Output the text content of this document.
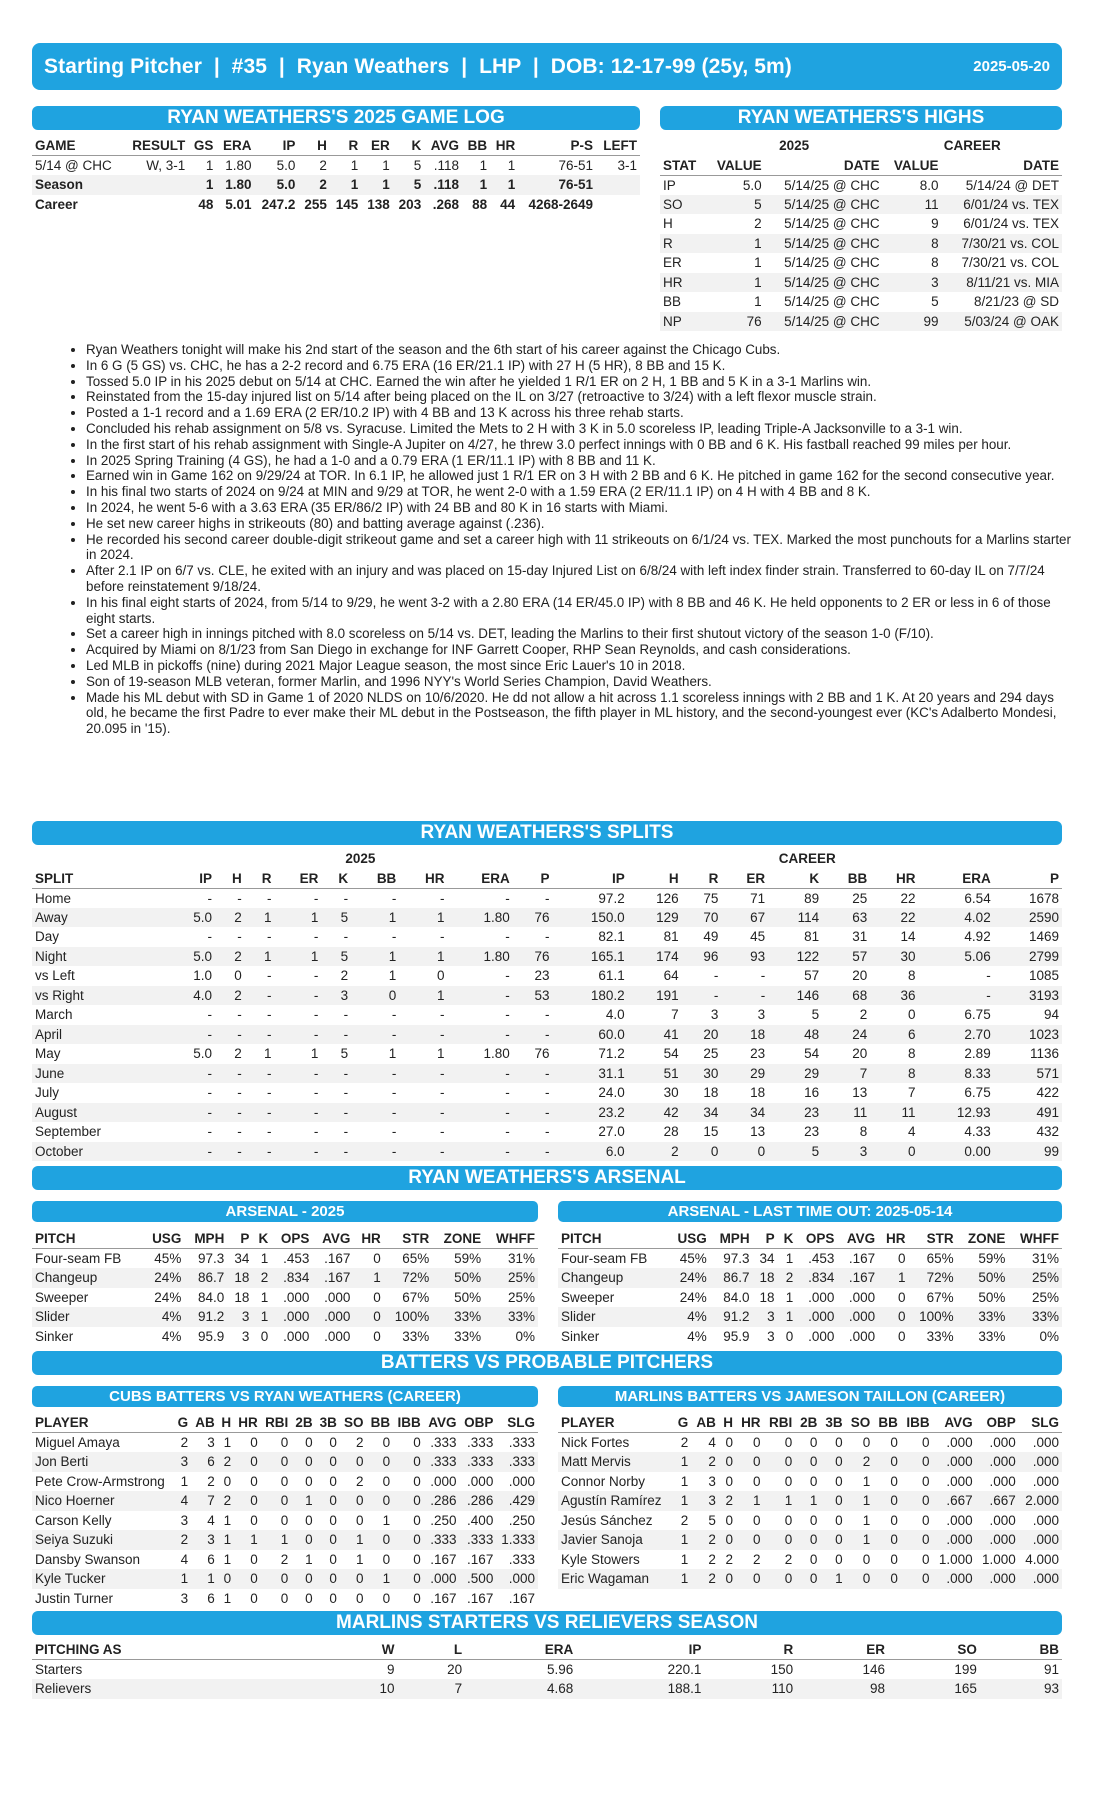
Starting Pitcher  |  #35  |  Ryan Weathers  |  LHP  |  DOB: 12-17-99 (25y, 5m)	2025-05-20
RYAN WEATHERS'S 2025 GAME LOG
GAME	RESULT	GS	ERA	IP	H	R	ER	K	AVG	BB	HR	P-S	LEFT
5/14 @ CHC	W, 3-1	1	1.80	5.0	2	1	1	5	.118	1	1	76-51	3-1
Season		1	1.80	5.0	2	1	1	5	.118	1	1	76-51	
Career		48	5.01	247.2	255	145	138	203	.268	88	44	4268-2649	
RYAN WEATHERS'S HIGHS
	2025		CAREER	
STAT	VALUE	DATE	VALUE	DATE
IP	5.0	5/14/25 @ CHC	8.0	5/14/24 @ DET
SO	5	5/14/25 @ CHC	11	6/01/24 vs. TEX
H	2	5/14/25 @ CHC	9	6/01/24 vs. TEX
R	1	5/14/25 @ CHC	8	7/30/21 vs. COL
ER	1	5/14/25 @ CHC	8	7/30/21 vs. COL
HR	1	5/14/25 @ CHC	3	8/11/21 vs. MIA
BB	1	5/14/25 @ CHC	5	8/21/23 @ SD
NP	76	5/14/25 @ CHC	99	5/03/24 @ OAK
• Ryan Weathers tonight will make his 2nd start of the season and the 6th start of his career against the Chicago Cubs.
• In 6 G (5 GS) vs. CHC, he has a 2-2 record and 6.75 ERA (16 ER/21.1 IP) with 27 H (5 HR), 8 BB and 15 K.
• Tossed 5.0 IP in his 2025 debut on 5/14 at CHC. Earned the win after he yielded 1 R/1 ER on 2 H, 1 BB and 5 K in a 3-1 Marlins win.
• Reinstated from the 15-day injured list on 5/14 after being placed on the IL on 3/27 (retroactive to 3/24) with a left flexor muscle strain.
• Posted a 1-1 record and a 1.69 ERA (2 ER/10.2 IP) with 4 BB and 13 K across his three rehab starts.
• Concluded his rehab assignment on 5/8 vs. Syracuse. Limited the Mets to 2 H with 3 K in 5.0 scoreless IP, leading Triple-A Jacksonville to a 3-1 win.
• In the first start of his rehab assignment with Single-A Jupiter on 4/27, he threw 3.0 perfect innings with 0 BB and 6 K. His fastball reached 99 miles per hour.
• In 2025 Spring Training (4 GS), he had a 1-0 and a 0.79 ERA (1 ER/11.1 IP) with 8 BB and 11 K.
• Earned win in Game 162 on 9/29/24 at TOR. In 6.1 IP, he allowed just 1 R/1 ER on 3 H with 2 BB and 6 K. He pitched in game 162 for the second consecutive year.
• In his final two starts of 2024 on 9/24 at MIN and 9/29 at TOR, he went 2-0 with a 1.59 ERA (2 ER/11.1 IP) on 4 H with 4 BB and 8 K.
• In 2024, he went 5-6 with a 3.63 ERA (35 ER/86/2 IP) with 24 BB and 80 K in 16 starts with Miami.
• He set new career highs in strikeouts (80) and batting average against (.236).
• He recorded his second career double-digit strikeout game and set a career high with 11 strikeouts on 6/1/24 vs. TEX. Marked the most punchouts for a Marlins starter in 2024.
• After 2.1 IP on 6/7 vs. CLE, he exited with an injury and was placed on 15-day Injured List on 6/8/24 with left index finder strain. Transferred to 60-day IL on 7/7/24 before reinstatement 9/18/24.
• In his final eight starts of 2024, from 5/14 to 9/29, he went 3-2 with a 2.80 ERA (14 ER/45.0 IP) with 8 BB and 46 K. He held opponents to 2 ER or less in 6 of those eight starts.
• Set a career high in innings pitched with 8.0 scoreless on 5/14 vs. DET, leading the Marlins to their first shutout victory of the season 1-0 (F/10).
• Acquired by Miami on 8/1/23 from San Diego in exchange for INF Garrett Cooper, RHP Sean Reynolds, and cash considerations.
• Led MLB in pickoffs (nine) during 2021 Major League season, the most since Eric Lauer's 10 in 2018.
• Son of 19-season MLB veteran, former Marlin, and 1996 NYY's World Series Champion, David Weathers.
• Made his ML debut with SD in Game 1 of 2020 NLDS on 10/6/2020. He dd not allow a hit across 1.1 scoreless innings with 2 BB and 1 K. At 20 years and 294 days old, he became the first Padre to ever make their ML debut in the Postseason, the fifth player in ML history, and the second-youngest ever (KC's Adalberto Mondesi, 20.095 in '15).
RYAN WEATHERS'S SPLITS
	2025									CAREER								
SPLIT	IP	H	R	ER	K	BB	HR	ERA	P	IP	H	R	ER	K	BB	HR	ERA	P
Home	-	-	-	-	-	-	-	-	-	97.2	126	75	71	89	25	22	6.54	1678
Away	5.0	2	1	1	5	1	1	1.80	76	150.0	129	70	67	114	63	22	4.02	2590
Day	-	-	-	-	-	-	-	-	-	82.1	81	49	45	81	31	14	4.92	1469
Night	5.0	2	1	1	5	1	1	1.80	76	165.1	174	96	93	122	57	30	5.06	2799
vs Left	1.0	0	-	-	2	1	0	-	23	61.1	64	-	-	57	20	8	-	1085
vs Right	4.0	2	-	-	3	0	1	-	53	180.2	191	-	-	146	68	36	-	3193
March	-	-	-	-	-	-	-	-	-	4.0	7	3	3	5	2	0	6.75	94
April	-	-	-	-	-	-	-	-	-	60.0	41	20	18	48	24	6	2.70	1023
May	5.0	2	1	1	5	1	1	1.80	76	71.2	54	25	23	54	20	8	2.89	1136
June	-	-	-	-	-	-	-	-	-	31.1	51	30	29	29	7	8	8.33	571
July	-	-	-	-	-	-	-	-	-	24.0	30	18	18	16	13	7	6.75	422
August	-	-	-	-	-	-	-	-	-	23.2	42	34	34	23	11	11	12.93	491
September	-	-	-	-	-	-	-	-	-	27.0	28	15	13	23	8	4	4.33	432
October	-	-	-	-	-	-	-	-	-	6.0	2	0	0	5	3	0	0.00	99
RYAN WEATHERS'S ARSENAL
ARSENAL - 2025	ARSENAL - LAST TIME OUT: 2025-05-14
PITCH	USG	MPH	P	K	OPS	AVG	HR	STR	ZONE	WHFF
Four-seam FB	45%	97.3	34	1	.453	.167	0	65%	59%	31%
Changeup	24%	86.7	18	2	.834	.167	1	72%	50%	25%
Sweeper	24%	84.0	18	1	.000	.000	0	67%	50%	25%
Slider	4%	91.2	3	1	.000	.000	0	100%	33%	33%
Sinker	4%	95.9	3	0	.000	.000	0	33%	33%	0%
PITCH	USG	MPH	P	K	OPS	AVG	HR	STR	ZONE	WHFF
Four-seam FB	45%	97.3	34	1	.453	.167	0	65%	59%	31%
Changeup	24%	86.7	18	2	.834	.167	1	72%	50%	25%
Sweeper	24%	84.0	18	1	.000	.000	0	67%	50%	25%
Slider	4%	91.2	3	1	.000	.000	0	100%	33%	33%
Sinker	4%	95.9	3	0	.000	.000	0	33%	33%	0%
BATTERS VS PROBABLE PITCHERS
CUBS BATTERS VS RYAN WEATHERS (CAREER)	MARLINS BATTERS VS JAMESON TAILLON (CAREER)
PLAYER	G	AB	H	HR	RBI	2B	3B	SO	BB	IBB	AVG	OBP	SLG
Miguel Amaya	2	3	1	0	0	0	0	2	0	0	.333	.333	.333
Jon Berti	3	6	2	0	0	0	0	0	0	0	.333	.333	.333
Pete Crow-Armstrong	1	2	0	0	0	0	0	2	0	0	.000	.000	.000
Nico Hoerner	4	7	2	0	0	1	0	0	0	0	.286	.286	.429
Carson Kelly	3	4	1	0	0	0	0	0	1	0	.250	.400	.250
Seiya Suzuki	2	3	1	1	1	0	0	1	0	0	.333	.333	1.333
Dansby Swanson	4	6	1	0	2	1	0	1	0	0	.167	.167	.333
Kyle Tucker	1	1	0	0	0	0	0	0	1	0	.000	.500	.000
Justin Turner	3	6	1	0	0	0	0	0	0	0	.167	.167	.167
PLAYER	G	AB	H	HR	RBI	2B	3B	SO	BB	IBB	AVG	OBP	SLG
Nick Fortes	2	4	0	0	0	0	0	0	0	0	.000	.000	.000
Matt Mervis	1	2	0	0	0	0	0	2	0	0	.000	.000	.000
Connor Norby	1	3	0	0	0	0	0	1	0	0	.000	.000	.000
Agustín Ramírez	1	3	2	1	1	1	0	1	0	0	.667	.667	2.000
Jesús Sánchez	2	5	0	0	0	0	0	1	0	0	.000	.000	.000
Javier Sanoja	1	2	0	0	0	0	0	1	0	0	.000	.000	.000
Kyle Stowers	1	2	2	2	2	0	0	0	0	0	1.000	1.000	4.000
Eric Wagaman	1	2	0	0	0	0	1	0	0	0	.000	.000	.000
MARLINS STARTERS VS RELIEVERS SEASON
PITCHING AS	W	L	ERA	IP	R	ER	SO	BB
Starters	9	20	5.96	220.1	150	146	199	91
Relievers	10	7	4.68	188.1	110	98	165	93
